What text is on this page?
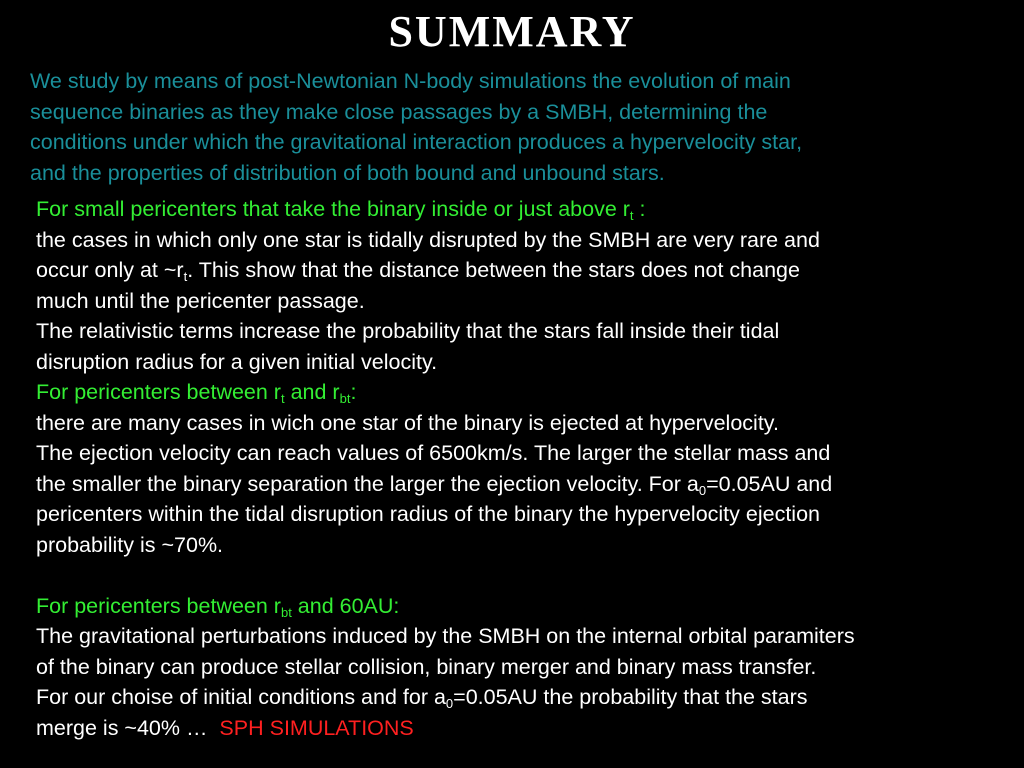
SUMMARY
We study by means of post-Newtonian N-body simulations the evolution of main
sequence binaries as they make close passages by a SMBH, determining the
conditions under which the gravitational interaction produces a hypervelocity star,
and the properties of distribution of both bound and unbound stars.
For small pericenters that take the binary inside or just above $r_t$ :
the cases in which only one star is tidally disrupted by the SMBH are very rare and
occur only at $\sim r_t$. This show that the distance between the stars does not change
much until the pericenter passage.
The relativistic terms increase the probability that the stars fall inside their tidal
disruption radius for a given initial velocity.
For pericenters between $r_t$ and $r_{bt}$:
there are many cases in wich one star of the binary is ejected at hypervelocity.
The ejection velocity can reach values of 6500km/s. The larger the stellar mass and
the smaller the binary separation the larger the ejection velocity. For $a_0=0.05AU$ and
pericenters within the tidal disruption radius of the binary the hypervelocity ejection
probability is ~70%.
For pericenters between $r_{bt}$ and 60AU:
The gravitational perturbations induced by the SMBH on the internal orbital paramiters
of the binary can produce stellar collision, binary merger and binary mass transfer.
For our choise of initial conditions and for $a_0=0.05AU$ the probability that the stars
merge is ~40% …  SPH SIMULATIONS
